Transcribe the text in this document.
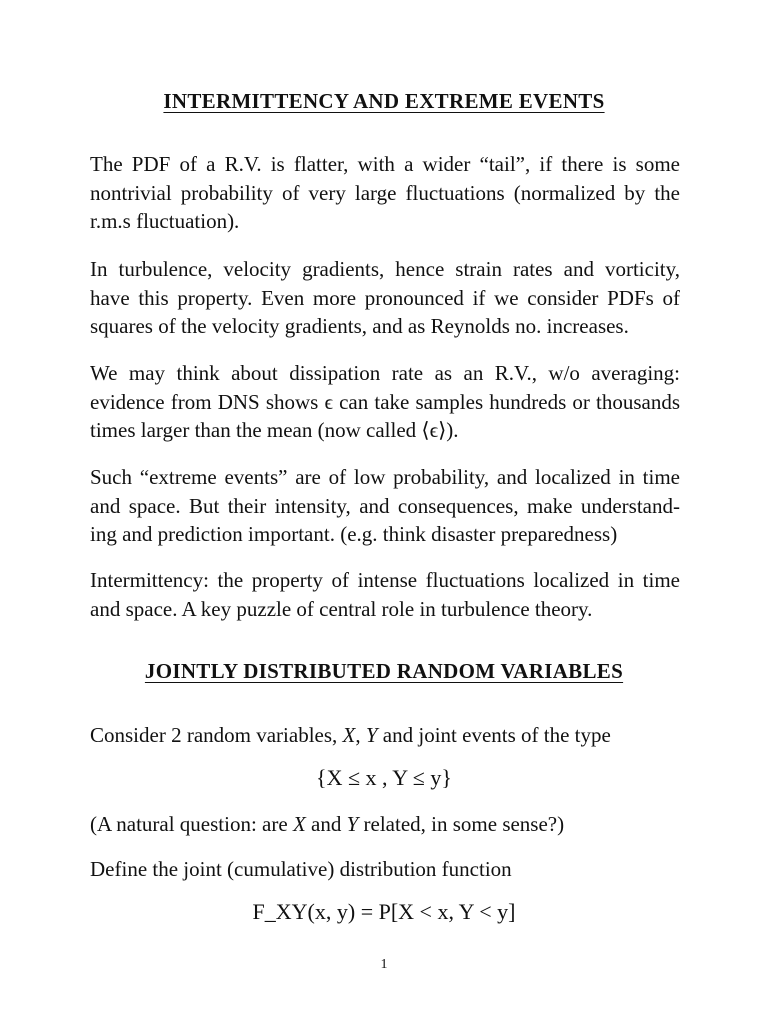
INTERMITTENCY AND EXTREME EVENTS
The PDF of a R.V. is flatter, with a wider “tail”, if there is some
nontrivial probability of very large fluctuations (normalized by the
r.m.s fluctuation).
In turbulence, velocity gradients, hence strain rates and vorticity,
have this property. Even more pronounced if we consider PDFs of
squares of the velocity gradients, and as Reynolds no. increases.
We may think about dissipation rate as an R.V., w/o averaging:
evidence from DNS shows ϵ can take samples hundreds or thousands
times larger than the mean (now called ⟨ϵ⟩).
Such “extreme events” are of low probability, and localized in time
and space. But their intensity, and consequences, make understand-
ing and prediction important. (e.g. think disaster preparedness)
Intermittency: the property of intense fluctuations localized in time
and space. A key puzzle of central role in turbulence theory.
JOINTLY DISTRIBUTED RANDOM VARIABLES
Consider 2 random variables, X, Y and joint events of the type
{X ≤ x , Y ≤ y}
(A natural question: are X and Y related, in some sense?)
Define the joint (cumulative) distribution function
F_XY(x, y) = P[X < x, Y < y]
1
